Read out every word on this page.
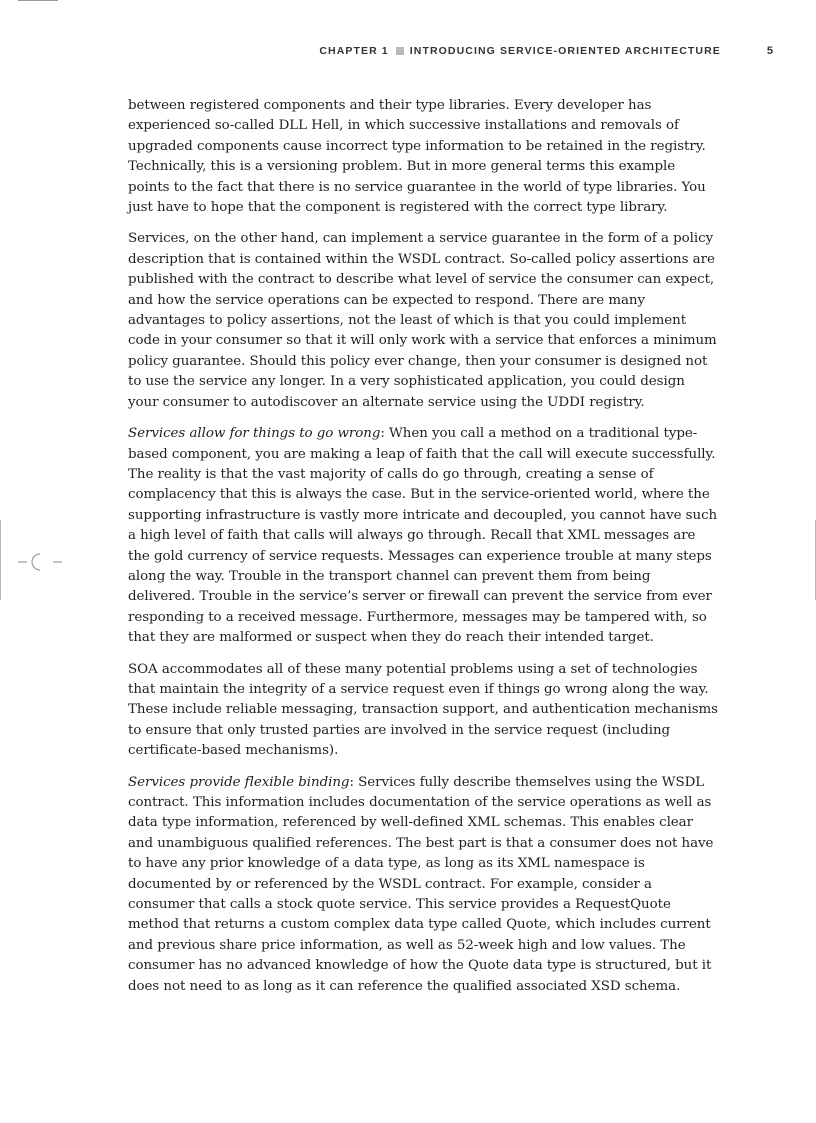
CHAPTER 1 INTRODUCING SERVICE-ORIENTED ARCHITECTURE	5

between registered components and their type libraries. Every developer has experienced so-called DLL Hell, in which successive installations and removals of upgraded components cause incorrect type information to be retained in the registry. Technically, this is a versioning problem. But in more general terms this example points to the fact that there is no service guarantee in the world of type libraries. You just have to hope that the component is registered with the correct type library.

Services, on the other hand, can implement a service guarantee in the form of a policy description that is contained within the WSDL contract. So-called policy assertions are published with the contract to describe what level of service the consumer can expect, and how the service operations can be expected to respond. There are many advantages to policy assertions, not the least of which is that you could implement code in your consumer so that it will only work with a service that enforces a minimum policy guarantee. Should this policy ever change, then your consumer is designed not to use the service any longer. In a very sophisticated application, you could design your consumer to autodiscover an alternate service using the UDDI registry.

Services allow for things to go wrong: When you call a method on a traditional type-based component, you are making a leap of faith that the call will execute successfully. The reality is that the vast majority of calls do go through, creating a sense of complacency that this is always the case. But in the service-oriented world, where the supporting infrastructure is vastly more intricate and decoupled, you cannot have such a high level of faith that calls will always go through. Recall that XML messages are the gold currency of service requests. Messages can experience trouble at many steps along the way. Trouble in the transport channel can prevent them from being delivered. Trouble in the service’s server or firewall can prevent the service from ever responding to a received message. Furthermore, messages may be tampered with, so that they are malformed or suspect when they do reach their intended target.

SOA accommodates all of these many potential problems using a set of technologies that maintain the integrity of a service request even if things go wrong along the way. These include reliable messaging, transaction support, and authentication mechanisms to ensure that only trusted parties are involved in the service request (including certificate-based mechanisms).

Services provide flexible binding: Services fully describe themselves using the WSDL contract. This information includes documentation of the service operations as well as data type information, referenced by well-defined XML schemas. This enables clear and unambiguous qualified references. The best part is that a consumer does not have to have any prior knowledge of a data type, as long as its XML namespace is documented by or referenced by the WSDL contract. For example, consider a consumer that calls a stock quote service. This service provides a RequestQuote method that returns a custom complex data type called Quote, which includes current and previous share price information, as well as 52-week high and low values. The consumer has no advanced knowledge of how the Quote data type is structured, but it does not need to as long as it can reference the qualified associated XSD schema.
